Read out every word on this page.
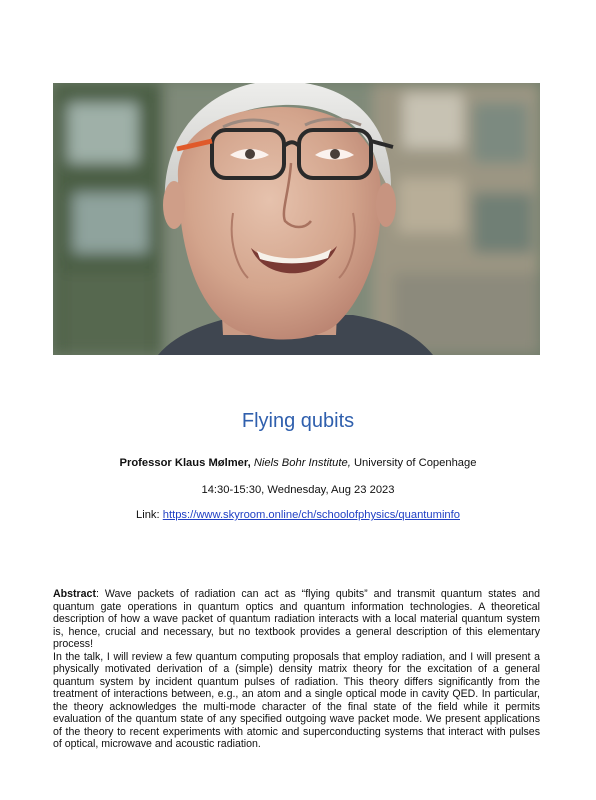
Flying qubits
Professor Klaus Mølmer, Niels Bohr Institute, University of Copenhage
14:30-15:30, Wednesday, Aug 23 2023
Link: https://www.skyroom.online/ch/schoolofphysics/quantuminfo

Abstract: Wave packets of radiation can act as “flying qubits” and transmit quantum states and quantum gate operations in quantum optics and quantum information technologies. A theoretical description of how a wave packet of quantum radiation interacts with a local material quantum system is, hence, crucial and necessary, but no textbook provides a general description of this elementary process!

In the talk, I will review a few quantum computing proposals that employ radiation, and I will present a physically motivated derivation of a (simple) density matrix theory for the excitation of a general quantum system by incident quantum pulses of radiation. This theory differs significantly from the treatment of interactions between, e.g., an atom and a single optical mode in cavity QED. In particular, the theory acknowledges the multi-mode character of the final state of the field while it permits evaluation of the quantum state of any specified outgoing wave packet mode. We present applications of the theory to recent experiments with atomic and superconducting systems that interact with pulses of optical, microwave and acoustic radiation.
